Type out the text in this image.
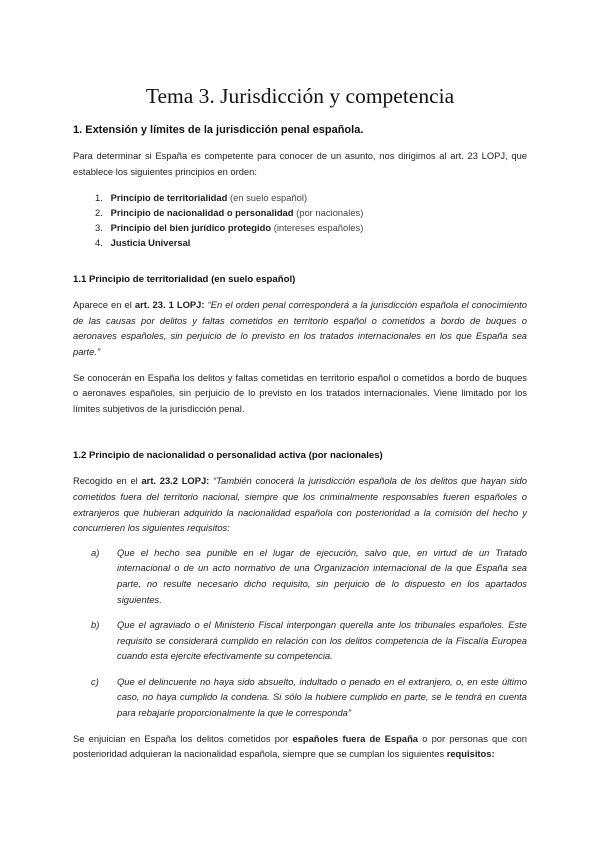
Tema 3. Jurisdicción y competencia
1. Extensión y límites de la jurisdicción penal española.

Para determinar si España es competente para conocer de un asunto, nos dirigimos al art. 23 LOPJ, que establece los siguientes principios en orden:

1. Principio de territorialidad (en suelo español)
2. Principio de nacionalidad o personalidad (por nacionales)
3. Principio del bien jurídico protegido (intereses españoles)
4. Justicia Universal
1.1 Principio de territorialidad (en suelo español)

Aparece en el art. 23. 1 LOPJ: “En el orden penal corresponderá a la jurisdicción española el conocimiento de las causas por delitos y faltas cometidos en territorio español o cometidos a bordo de buques o aeronaves españoles, sin perjuicio de lo previsto en los tratados internacionales en los que España sea parte.”

Se conocerán en España los delitos y faltas cometidas en territorio español o cometidos a bordo de buques o aeronaves españoles, sin perjuicio de lo previsto en los tratados internacionales. Viene limitado por los límites subjetivos de la jurisdicción penal.

1.2 Principio de nacionalidad o personalidad activa (por nacionales)

Recogido en el art. 23.2 LOPJ: “También conocerá la jurisdicción española de los delitos que hayan sido cometidos fuera del territorio nacional, siempre que los criminalmente responsables fueren españoles o extranjeros que hubieran adquirido la nacionalidad española con posterioridad a la comisión del hecho y concurrieren los siguientes requisitos:

a)	Que el hecho sea punible en el lugar de ejecución, salvo que, en virtud de un Tratado internacional o de un acto normativo de una Organización internacional de la que España sea parte, no resulte necesario dicho requisito, sin perjuicio de lo dispuesto en los apartados siguientes.
b)	Que el agraviado o el Ministerio Fiscal interpongan querella ante los tribunales españoles. Este requisito se considerará cumplido en relación con los delitos competencia de la Fiscalía Europea cuando esta ejercite efectivamente su competencia.
c)	Que el delincuente no haya sido absuelto, indultado o penado en el extranjero, o, en este último caso, no haya cumplido la condena. Si sólo la hubiere cumplido en parte, se le tendrá en cuenta para rebajarle proporcionalmente la que le corresponda”

Se enjuician en España los delitos cometidos por españoles fuera de España o por personas que con posterioridad adquieran la nacionalidad española, siempre que se cumplan los siguientes requisitos:
